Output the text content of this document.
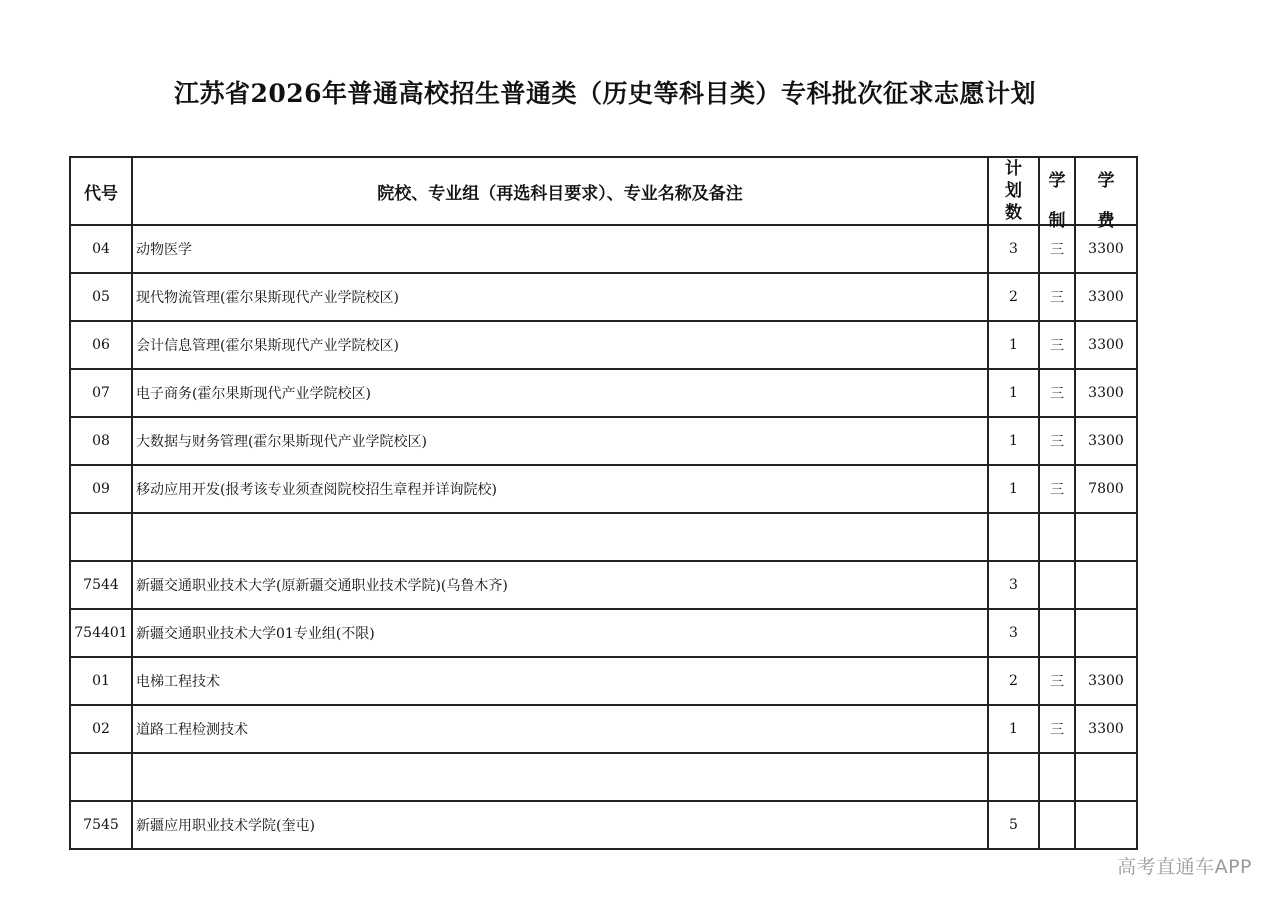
江苏省2026年普通高校招生普通类（历史等科目类）专科批次征求志愿计划
代号	院校、专业组（再选科目要求）、专业名称及备注	计划数	学制	学费

04	动物医学	3	三	3300
05	现代物流管理(霍尔果斯现代产业学院校区)	2	三	3300
06	会计信息管理(霍尔果斯现代产业学院校区)	1	三	3300
07	电子商务(霍尔果斯现代产业学院校区)	1	三	3300
08	大数据与财务管理(霍尔果斯现代产业学院校区)	1	三	3300
09	移动应用开发(报考该专业须查阅院校招生章程并详询院校)	1	三	7800

7544	新疆交通职业技术大学(原新疆交通职业技术学院)(乌鲁木齐)	3		
754401	新疆交通职业技术大学01专业组(不限)	3		
01	电梯工程技术	2	三	3300
02	道路工程检测技术	1	三	3300

7545	新疆应用职业技术学院(奎屯)	5		
高考直通车APP
